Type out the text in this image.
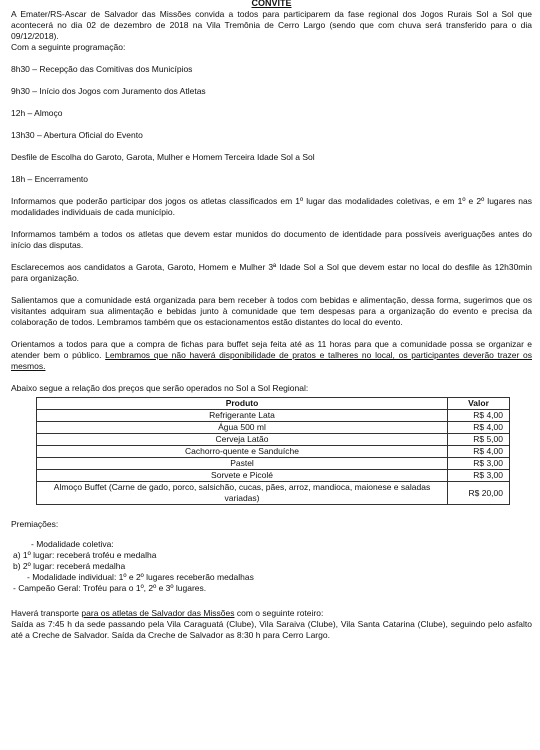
CONVITE

A Emater/RS-Ascar de Salvador das Missões convida a todos para participarem da fase regional dos Jogos Rurais Sol a Sol que acontecerá no dia 02 de dezembro de 2018 na Vila Tremônia de Cerro Largo (sendo que com chuva será transferido para o dia 09/12/2018).

Com a seguinte programação:

8h30 – Recepção das Comitivas dos Municípios

9h30 – Início dos Jogos com Juramento dos Atletas

12h – Almoço

13h30 – Abertura Oficial do Evento

Desfile de Escolha do Garoto, Garota, Mulher e Homem Terceira Idade Sol a Sol

18h – Encerramento

Informamos que poderão participar dos jogos os atletas classificados em 1º lugar das modalidades coletivas, e em 1º e 2º lugares nas modalidades individuais de cada município.

Informamos também a todos os atletas que devem estar munidos do documento de identidade para possíveis averiguações antes do início das disputas.

Esclarecemos aos candidatos a Garota, Garoto, Homem e Mulher 3ª Idade Sol a Sol que devem estar no local do desfile às 12h30min para organização.

Salientamos que a comunidade está organizada para bem receber à todos com bebidas e alimentação, dessa forma, sugerimos que os visitantes adquiram sua alimentação e bebidas junto à comunidade que tem despesas para a organização do evento e precisa da colaboração de todos. Lembramos também que os estacionamentos estão distantes do local do evento.

Orientamos a todos para que a compra de fichas para buffet seja feita até as 11 horas para que a comunidade possa se organizar e atender bem o público. Lembramos que não haverá disponibilidade de pratos e talheres no local, os participantes deverão trazer os mesmos.

Abaixo segue a relação dos preços que serão operados no Sol a Sol Regional:

Produto	Valor
Refrigerante Lata	R$ 4,00
Água 500 ml	R$ 4,00
Cerveja Latão	R$ 5,00
Cachorro-quente e Sanduíche	R$ 4,00
Pastel	R$ 3,00
Sorvete e Picolé	R$ 3,00
Almoço Buffet (Carne de gado, porco, salsichão, cucas, pães, arroz, mandioca, maionese e saladas variadas)	R$ 20,00
Premiações:
- Modalidade coletiva:
a) 1º lugar: receberá troféu e medalha
b) 2º lugar: receberá medalha
- Modalidade individual: 1º e 2º lugares receberão medalhas
- Campeão Geral: Troféu para o 1º, 2º e 3º lugares.

Haverá transporte para os atletas de Salvador das Missões com o seguinte roteiro:

Saída as 7:45 h da sede passando pela Vila Caraguatá (Clube), Vila Saraiva (Clube), Vila Santa Catarina (Clube), seguindo pelo asfalto até a Creche de Salvador. Saída da Creche de Salvador as 8:30 h para Cerro Largo.
